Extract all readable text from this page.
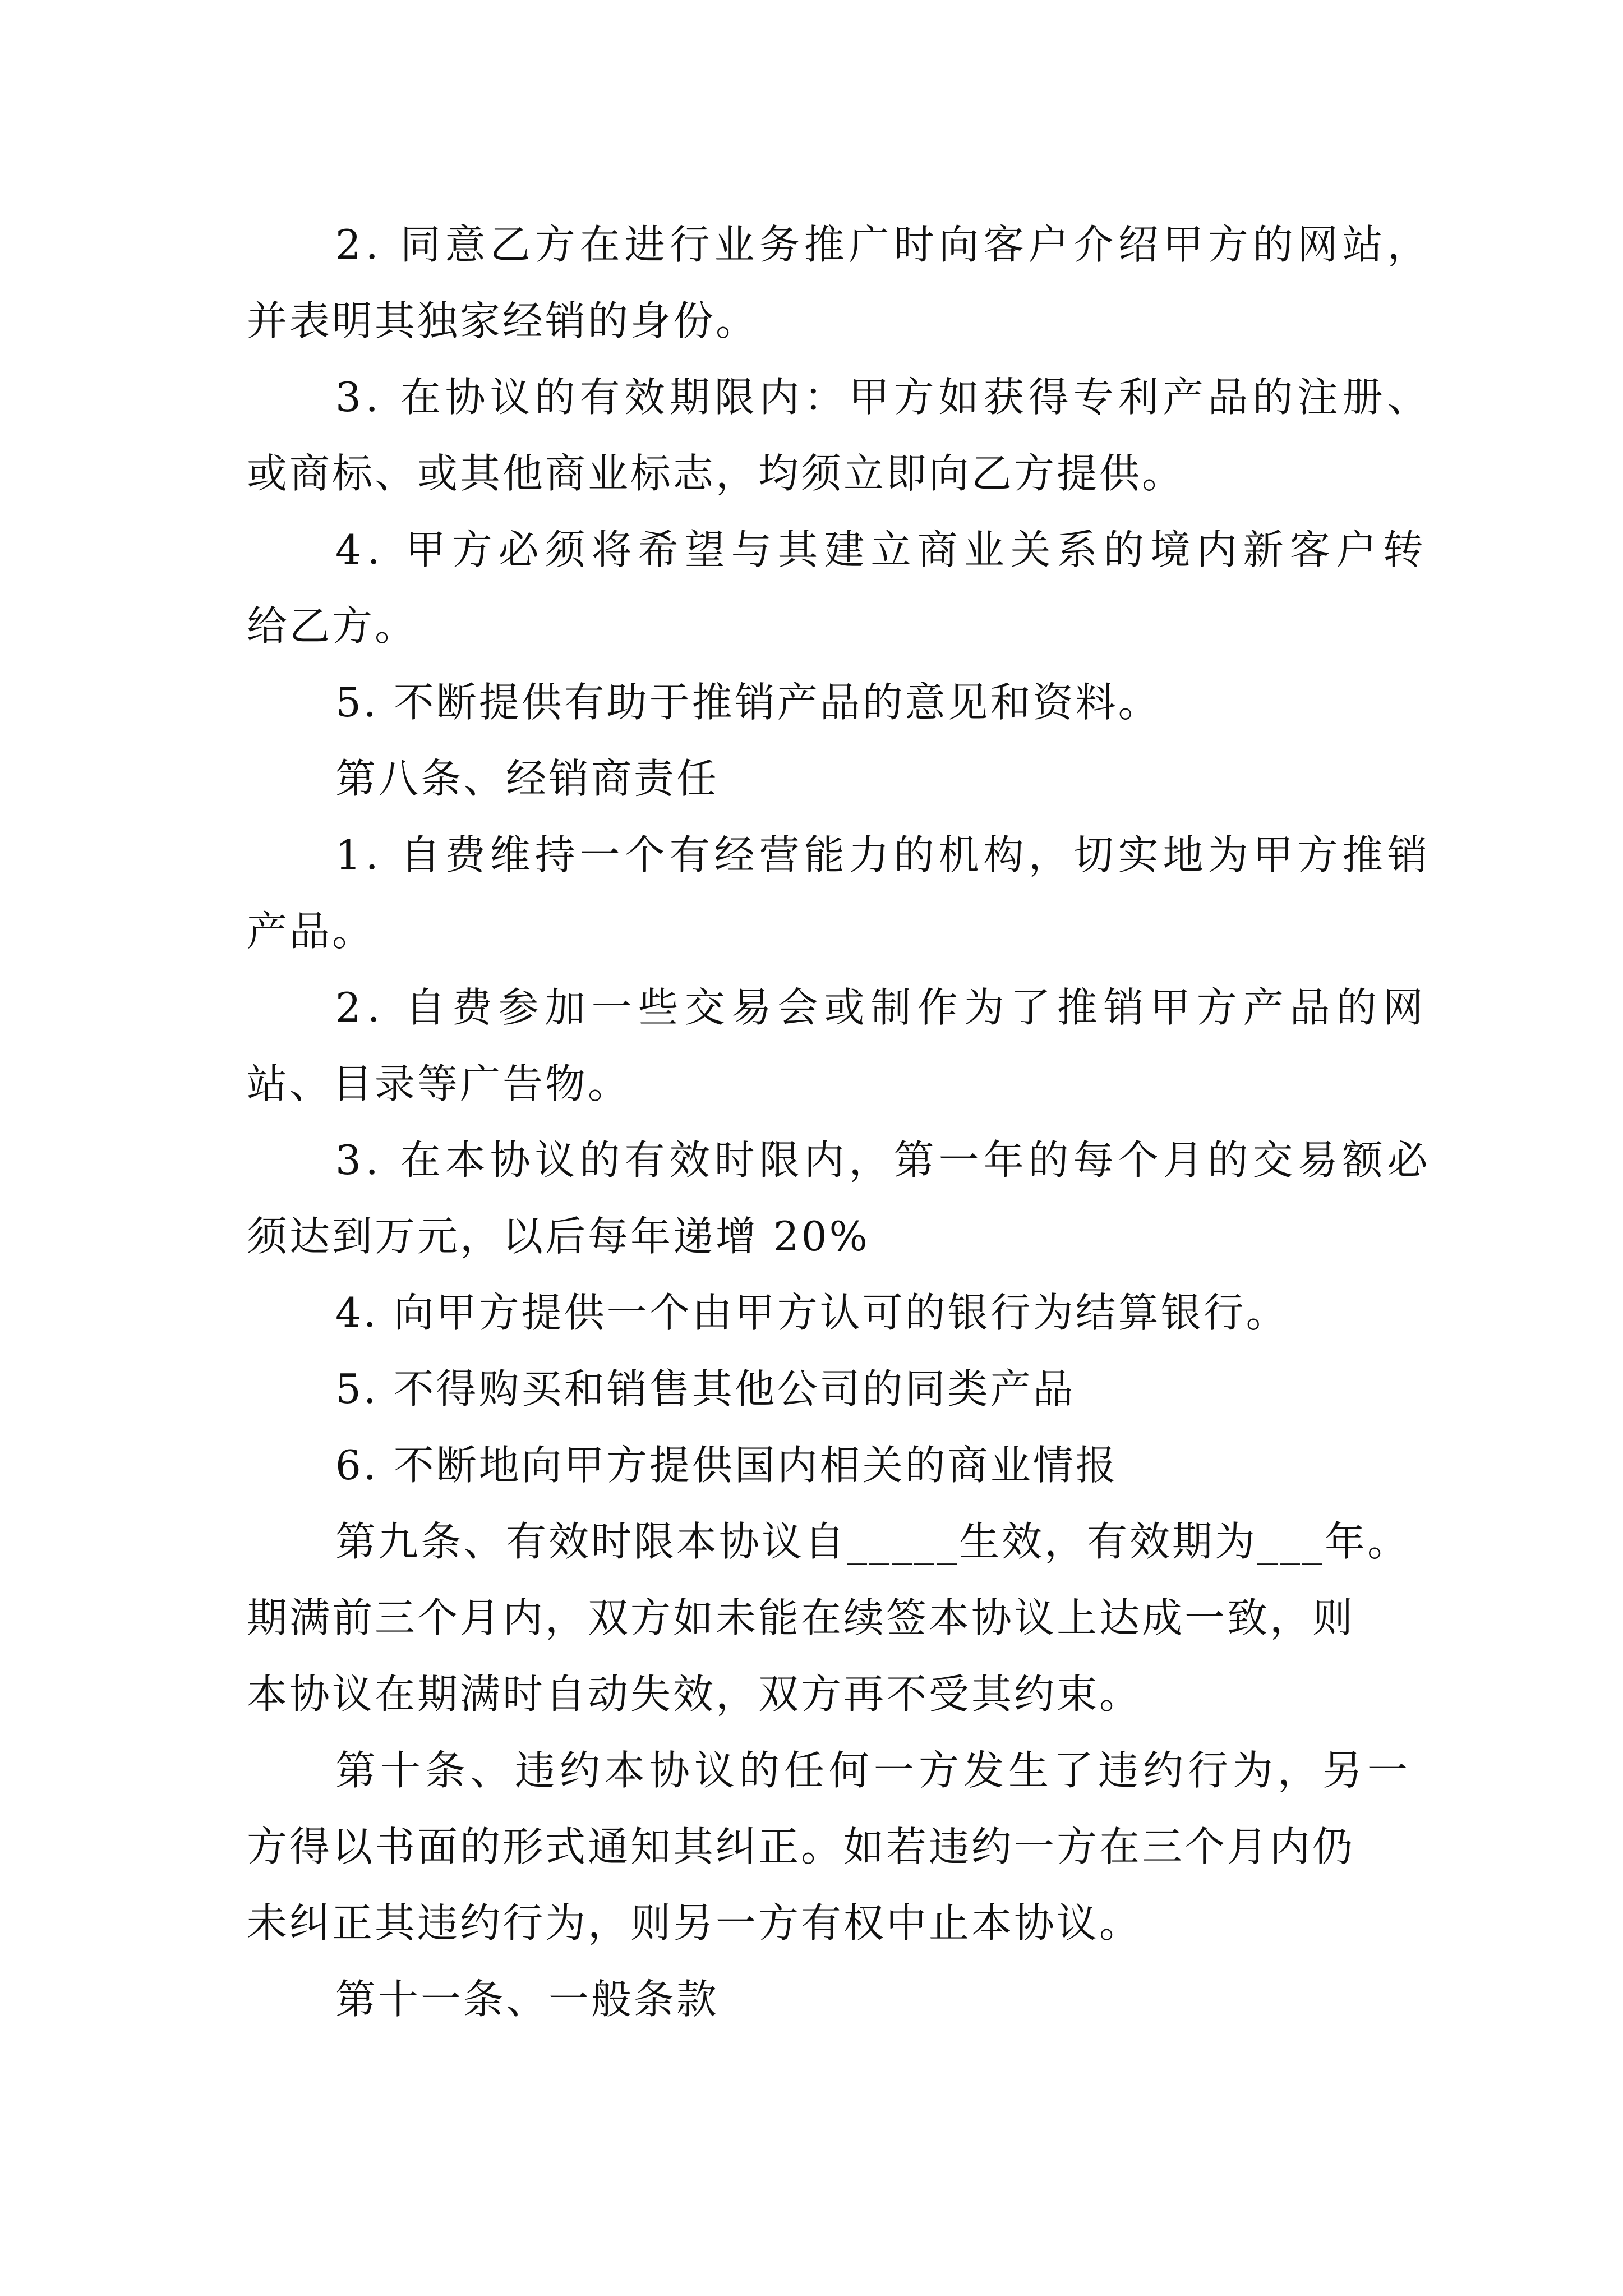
2. 同意乙方在进行业务推广时向客户介绍甲方的网站，
并表明其独家经销的身份。
3. 在协议的有效期限内：甲方如获得专利产品的注册、
或商标、或其他商业标志，均须立即向乙方提供。
4. 甲方必须将希望与其建立商业关系的境内新客户转
给乙方。
5. 不断提供有助于推销产品的意见和资料。
第八条、经销商责任
1. 自费维持一个有经营能力的机构，切实地为甲方推销
产品。
2. 自费参加一些交易会或制作为了推销甲方产品的网
站、目录等广告物。
3. 在本协议的有效时限内，第一年的每个月的交易额必
须达到万元，以后每年递增 20%
4. 向甲方提供一个由甲方认可的银行为结算银行。
5. 不得购买和销售其他公司的同类产品
6. 不断地向甲方提供国内相关的商业情报
第九条、有效时限本协议自_____生效，有效期为___年。
期满前三个月内，双方如未能在续签本协议上达成一致，则
本协议在期满时自动失效，双方再不受其约束。
第十条、违约本协议的任何一方发生了违约行为，另一
方得以书面的形式通知其纠正。如若违约一方在三个月内仍
未纠正其违约行为，则另一方有权中止本协议。
第十一条、一般条款
